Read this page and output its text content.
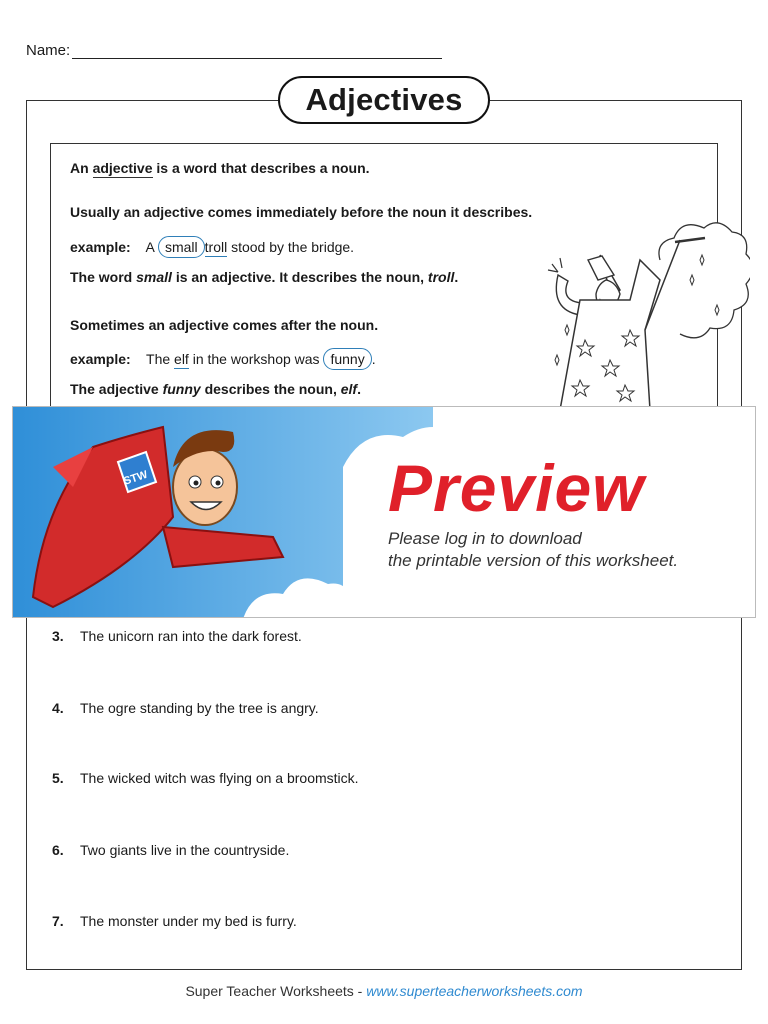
Name:
Adjectives
An adjective is a word that describes a noun.
Usually an adjective comes immediately before the noun it describes.
example: A small troll stood by the bridge.
The word small is an adjective. It describes the noun, troll.
Sometimes an adjective comes after the noun.
example: The elf in the workshop was funny .
The adjective funny describes the noun, elf.
STW	Preview
Please log in to download
the printable version of this worksheet.
3. The unicorn ran into the dark forest.
4. The ogre standing by the tree is angry.
5. The wicked witch was flying on a broomstick.
6. Two giants live in the countryside.
7. The monster under my bed is furry.
Super Teacher Worksheets - www.superteacherworksheets.com
